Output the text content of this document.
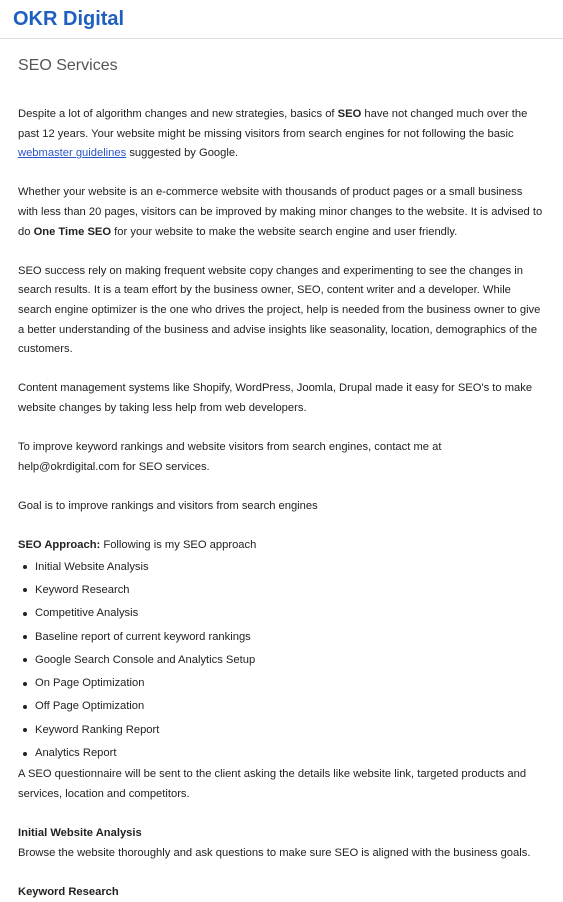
OKR Digital
SEO Services

Despite a lot of algorithm changes and new strategies, basics of SEO have not changed much over the past 12 years. Your website might be missing visitors from search engines for not following the basic webmaster guidelines suggested by Google.

Whether your website is an e-commerce website with thousands of product pages or a small business with less than 20 pages, visitors can be improved by making minor changes to the website. It is advised to do One Time SEO for your website to make the website search engine and user friendly.

SEO success rely on making frequent website copy changes and experimenting to see the changes in search results. It is a team effort by the business owner, SEO, content writer and a developer. While search engine optimizer is the one who drives the project, help is needed from the business owner to give a better understanding of the business and advise insights like seasonality, location, demographics of the customers.

Content management systems like Shopify, WordPress, Joomla, Drupal made it easy for SEO's to make website changes by taking less help from web developers.

To improve keyword rankings and website visitors from search engines, contact me at help@okrdigital.com for SEO services.

Goal is to improve rankings and visitors from search engines

SEO Approach: Following is my SEO approach

Initial Website Analysis
Keyword Research
Competitive Analysis
Baseline report of current keyword rankings
Google Search Console and Analytics Setup
On Page Optimization
Off Page Optimization
Keyword Ranking Report
Analytics Report

A SEO questionnaire will be sent to the client asking the details like website link, targeted products and services, location and competitors.

Initial Website Analysis

Browse the website thoroughly and ask questions to make sure SEO is aligned with the business goals.

Keyword Research
